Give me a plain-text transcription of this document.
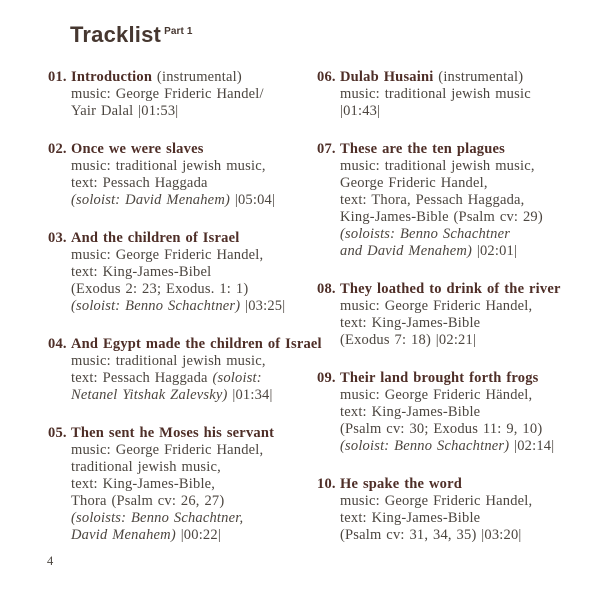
Tracklist $^{Part 1}$
01. Introduction (instrumental)
music: George Frideric Handel/
Yair Dalal |01:53|
02. Once we were slaves
music: traditional jewish music,
text: Pessach Haggada
(soloist: David Menahem) |05:04|
03. And the children of Israel
music: George Frideric Handel,
text: King-James-Bibel
(Exodus 2: 23; Exodus. 1: 1)
(soloist: Benno Schachtner) |03:25|
04. And Egypt made the children of Israel
music: traditional jewish music,
text: Pessach Haggada (soloist:
Netanel Yitshak Zalevsky) |01:34|
05. Then sent he Moses his servant
music: George Frideric Handel,
traditional jewish music,
text: King-James-Bible,
Thora (Psalm cv: 26, 27)
(soloists: Benno Schachtner,
David Menahem) |00:22|
06. Dulab Husaini (instrumental)
music: traditional jewish music
|01:43|
07. These are the ten plagues
music: traditional jewish music,
George Frideric Handel,
text: Thora, Pessach Haggada,
King-James-Bible (Psalm cv: 29)
(soloists: Benno Schachtner
and David Menahem) |02:01|
08. They loathed to drink of the river
music: George Frideric Handel,
text: King-James-Bible
(Exodus 7: 18) |02:21|
09. Their land brought forth frogs
music: George Frideric Händel,
text: King-James-Bible
(Psalm cv: 30; Exodus 11: 9, 10)
(soloist: Benno Schachtner) |02:14|
10. He spake the word
music: George Frideric Handel,
text: King-James-Bible
(Psalm cv: 31, 34, 35) |03:20|
4
